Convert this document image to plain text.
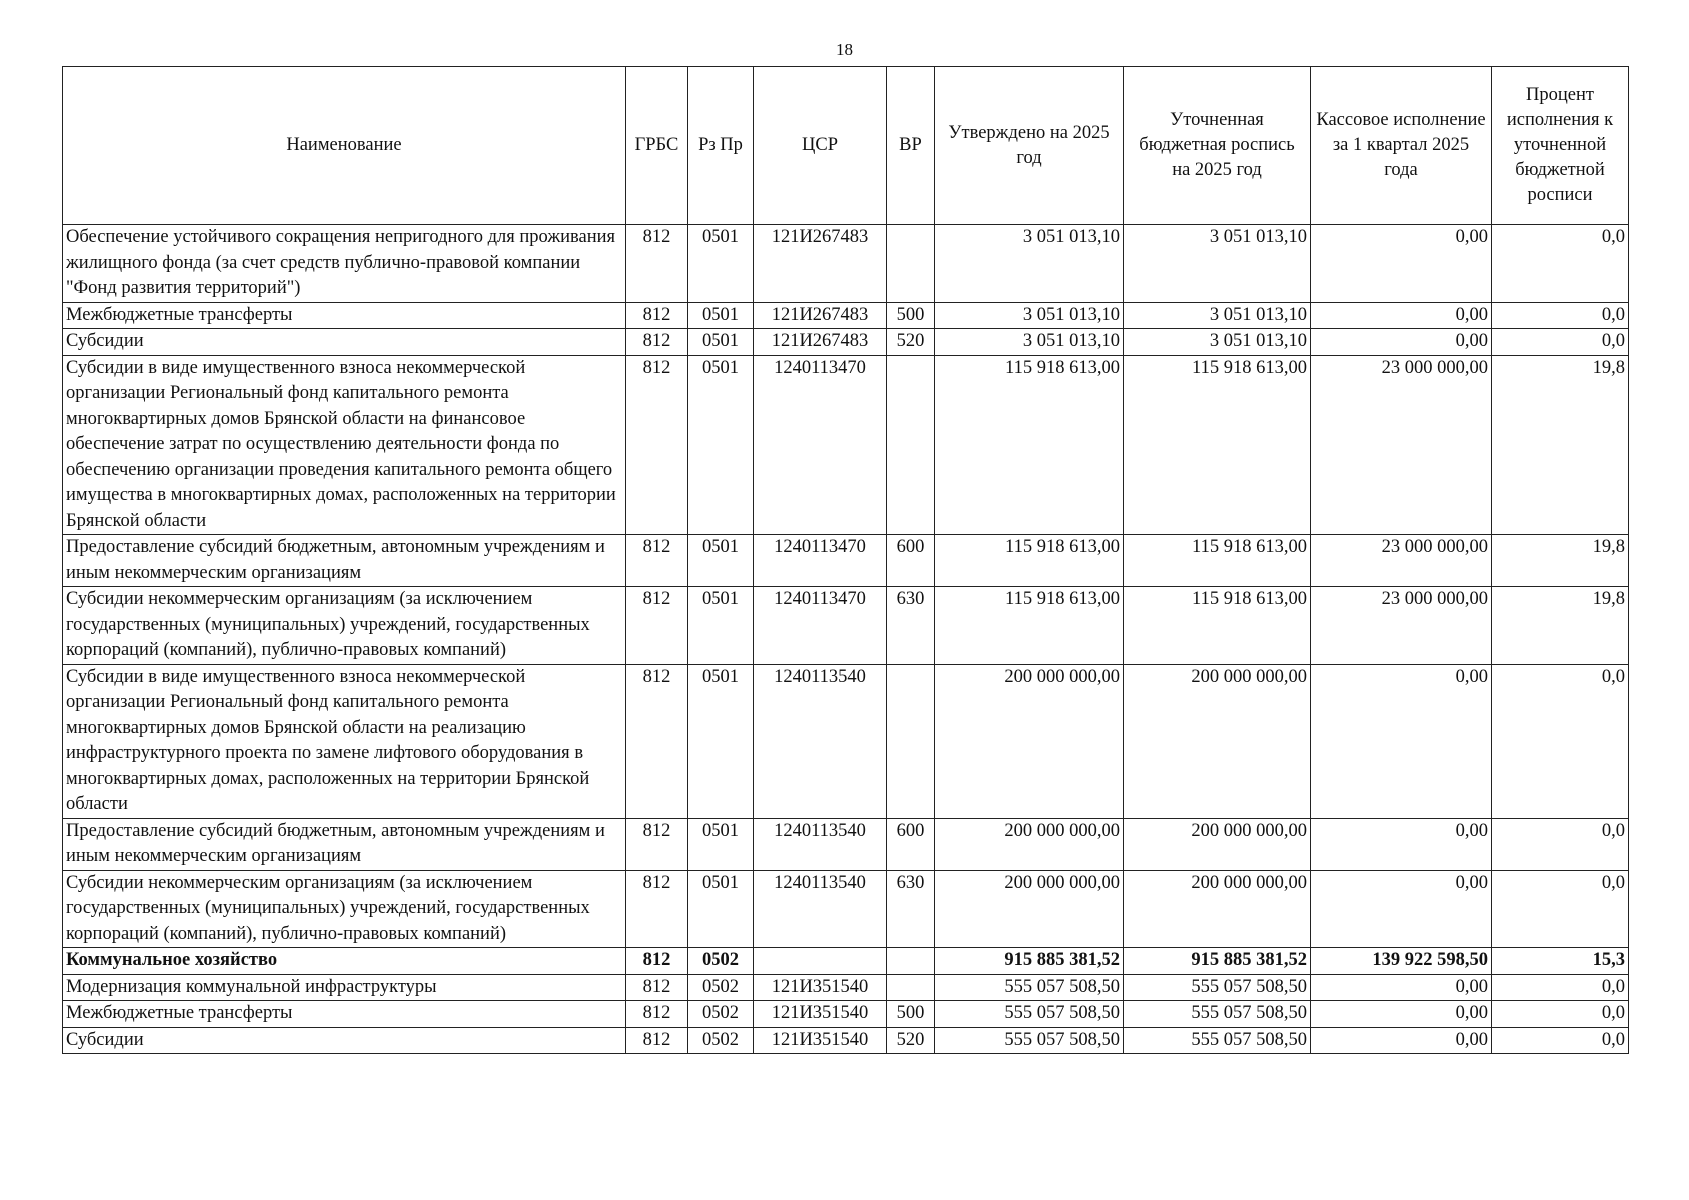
18
Наименование	ГРБС	Рз Пр	ЦСР	ВР	Утверждено на 2025 год	Уточненная бюджетная роспись на 2025 год	Кассовое исполнение за 1 квартал 2025 года	Процент исполнения к уточненной бюджетной росписи
Обеспечение устойчивого сокращения непригодного для проживания жилищного фонда (за счет средств публично-правовой компании "Фонд развития территорий")	812	0501	121И267483		3 051 013,10	3 051 013,10	0,00	0,0
Межбюджетные трансферты	812	0501	121И267483	500	3 051 013,10	3 051 013,10	0,00	0,0
Субсидии	812	0501	121И267483	520	3 051 013,10	3 051 013,10	0,00	0,0
Субсидии в виде имущественного взноса некоммерческой организации Региональный фонд капитального ремонта многоквартирных домов Брянской области на финансовое обеспечение затрат по осуществлению деятельности фонда по обеспечению организации проведения капитального ремонта общего имущества в многоквартирных домах, расположенных на территории Брянской области	812	0501	1240113470		115 918 613,00	115 918 613,00	23 000 000,00	19,8
Предоставление субсидий бюджетным, автономным учреждениям и иным некоммерческим организациям	812	0501	1240113470	600	115 918 613,00	115 918 613,00	23 000 000,00	19,8
Субсидии некоммерческим организациям (за исключением государственных (муниципальных) учреждений, государственных корпораций (компаний), публично-правовых компаний)	812	0501	1240113470	630	115 918 613,00	115 918 613,00	23 000 000,00	19,8
Субсидии в виде имущественного взноса некоммерческой организации Региональный фонд капитального ремонта многоквартирных домов Брянской области на реализацию инфраструктурного проекта по замене лифтового оборудования в многоквартирных домах, расположенных на территории Брянской области	812	0501	1240113540		200 000 000,00	200 000 000,00	0,00	0,0
Предоставление субсидий бюджетным, автономным учреждениям и иным некоммерческим организациям	812	0501	1240113540	600	200 000 000,00	200 000 000,00	0,00	0,0
Субсидии некоммерческим организациям (за исключением государственных (муниципальных) учреждений, государственных корпораций (компаний), публично-правовых компаний)	812	0501	1240113540	630	200 000 000,00	200 000 000,00	0,00	0,0
Коммунальное хозяйство	812	0502			915 885 381,52	915 885 381,52	139 922 598,50	15,3
Модернизация коммунальной инфраструктуры	812	0502	121И351540		555 057 508,50	555 057 508,50	0,00	0,0
Межбюджетные трансферты	812	0502	121И351540	500	555 057 508,50	555 057 508,50	0,00	0,0
Субсидии	812	0502	121И351540	520	555 057 508,50	555 057 508,50	0,00	0,0
